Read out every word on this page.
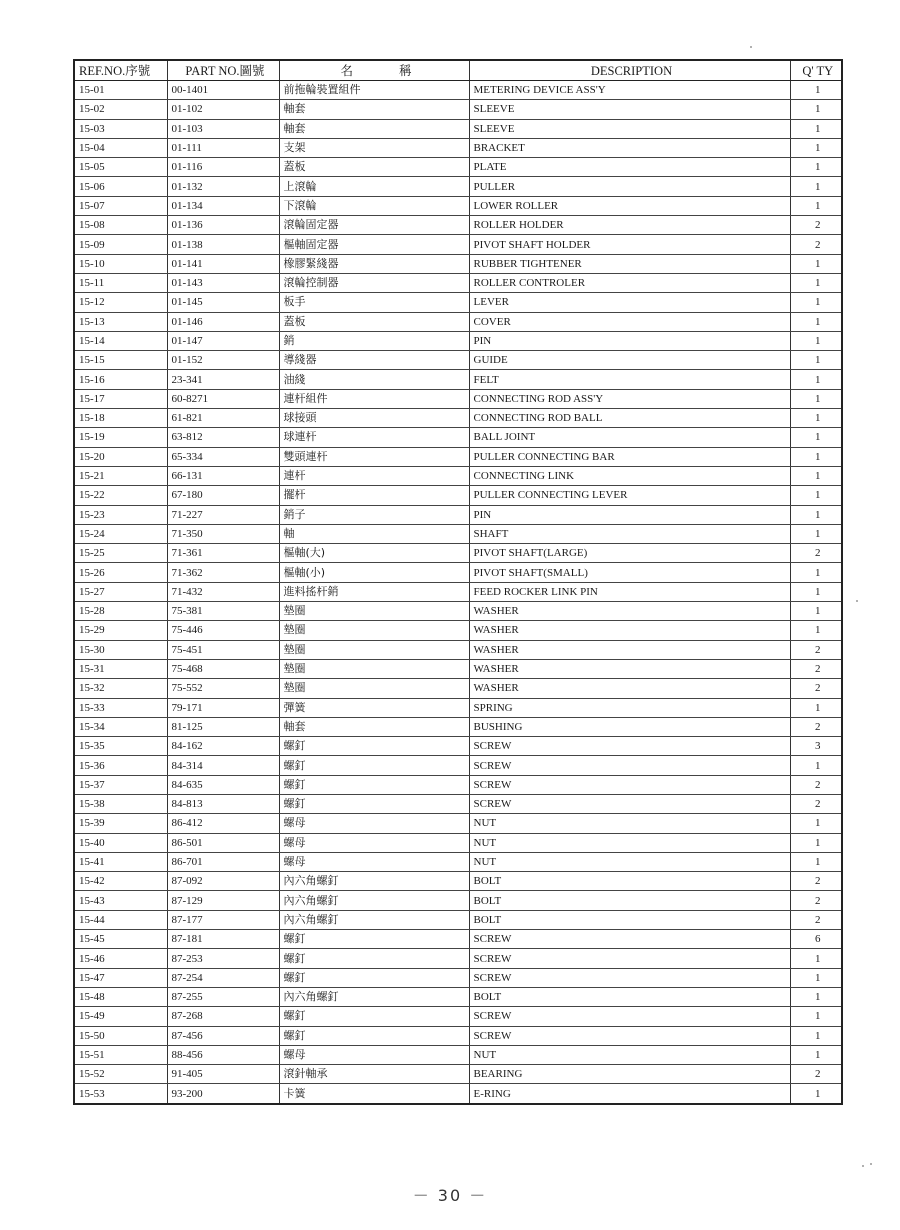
REF.NO.序號	PART NO.圖號	名 稱	DESCRIPTION	Q' TY
15-01	00-1401	前拖輪裝置組件	METERING DEVICE ASS'Y	1
15-02	01-102	軸套	SLEEVE	1
15-03	01-103	軸套	SLEEVE	1
15-04	01-111	支架	BRACKET	1
15-05	01-116	蓋板	PLATE	1
15-06	01-132	上滾輪	PULLER	1
15-07	01-134	下滾輪	LOWER ROLLER	1
15-08	01-136	滾輪固定器	ROLLER HOLDER	2
15-09	01-138	樞軸固定器	PIVOT SHAFT HOLDER	2
15-10	01-141	橡膠緊綫器	RUBBER TIGHTENER	1
15-11	01-143	滾輪控制器	ROLLER CONTROLER	1
15-12	01-145	板手	LEVER	1
15-13	01-146	蓋板	COVER	1
15-14	01-147	銷	PIN	1
15-15	01-152	導綫器	GUIDE	1
15-16	23-341	油綫	FELT	1
15-17	60-8271	連杆組件	CONNECTING ROD ASS'Y	1
15-18	61-821	球接頭	CONNECTING ROD BALL	1
15-19	63-812	球連杆	BALL JOINT	1
15-20	65-334	雙頭連杆	PULLER CONNECTING BAR	1
15-21	66-131	連杆	CONNECTING LINK	1
15-22	67-180	擺杆	PULLER CONNECTING LEVER	1
15-23	71-227	銷子	PIN	1
15-24	71-350	軸	SHAFT	1
15-25	71-361	樞軸(大)	PIVOT SHAFT(LARGE)	2
15-26	71-362	樞軸(小)	PIVOT SHAFT(SMALL)	1
15-27	71-432	進料搖杆銷	FEED ROCKER LINK PIN	1
15-28	75-381	墊圈	WASHER	1
15-29	75-446	墊圈	WASHER	1
15-30	75-451	墊圈	WASHER	2
15-31	75-468	墊圈	WASHER	2
15-32	75-552	墊圈	WASHER	2
15-33	79-171	彈簧	SPRING	1
15-34	81-125	軸套	BUSHING	2
15-35	84-162	螺釘	SCREW	3
15-36	84-314	螺釘	SCREW	1
15-37	84-635	螺釘	SCREW	2
15-38	84-813	螺釘	SCREW	2
15-39	86-412	螺母	NUT	1
15-40	86-501	螺母	NUT	1
15-41	86-701	螺母	NUT	1
15-42	87-092	內六角螺釘	BOLT	2
15-43	87-129	內六角螺釘	BOLT	2
15-44	87-177	內六角螺釘	BOLT	2
15-45	87-181	螺釘	SCREW	6
15-46	87-253	螺釘	SCREW	1
15-47	87-254	螺釘	SCREW	1
15-48	87-255	內六角螺釘	BOLT	1
15-49	87-268	螺釘	SCREW	1
15-50	87-456	螺釘	SCREW	1
15-51	88-456	螺母	NUT	1
15-52	91-405	滾針軸承	BEARING	2
15-53	93-200	卡簧	E-RING	1
－ 30 －
